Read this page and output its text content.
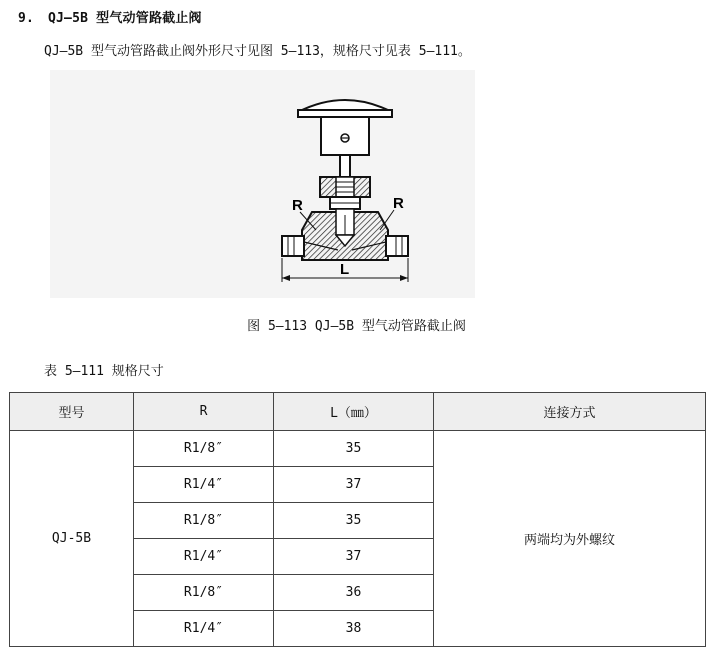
9. QJ—5B 型气动管路截止阀
QJ—5B 型气动管路截止阀外形尺寸见图 5—113，规格尺寸见表 5—111。
R	R
L
图 5—113 QJ—5B 型气动管路截止阀
表 5—111 规格尺寸
型号	R	L（㎜）	连接方式
QJ-5B	R1/8″	35	两端均为外螺纹
	R1/4″	37	
	R1/8″	35	
	R1/4″	37	
	R1/8″	36	
	R1/4″	38	
